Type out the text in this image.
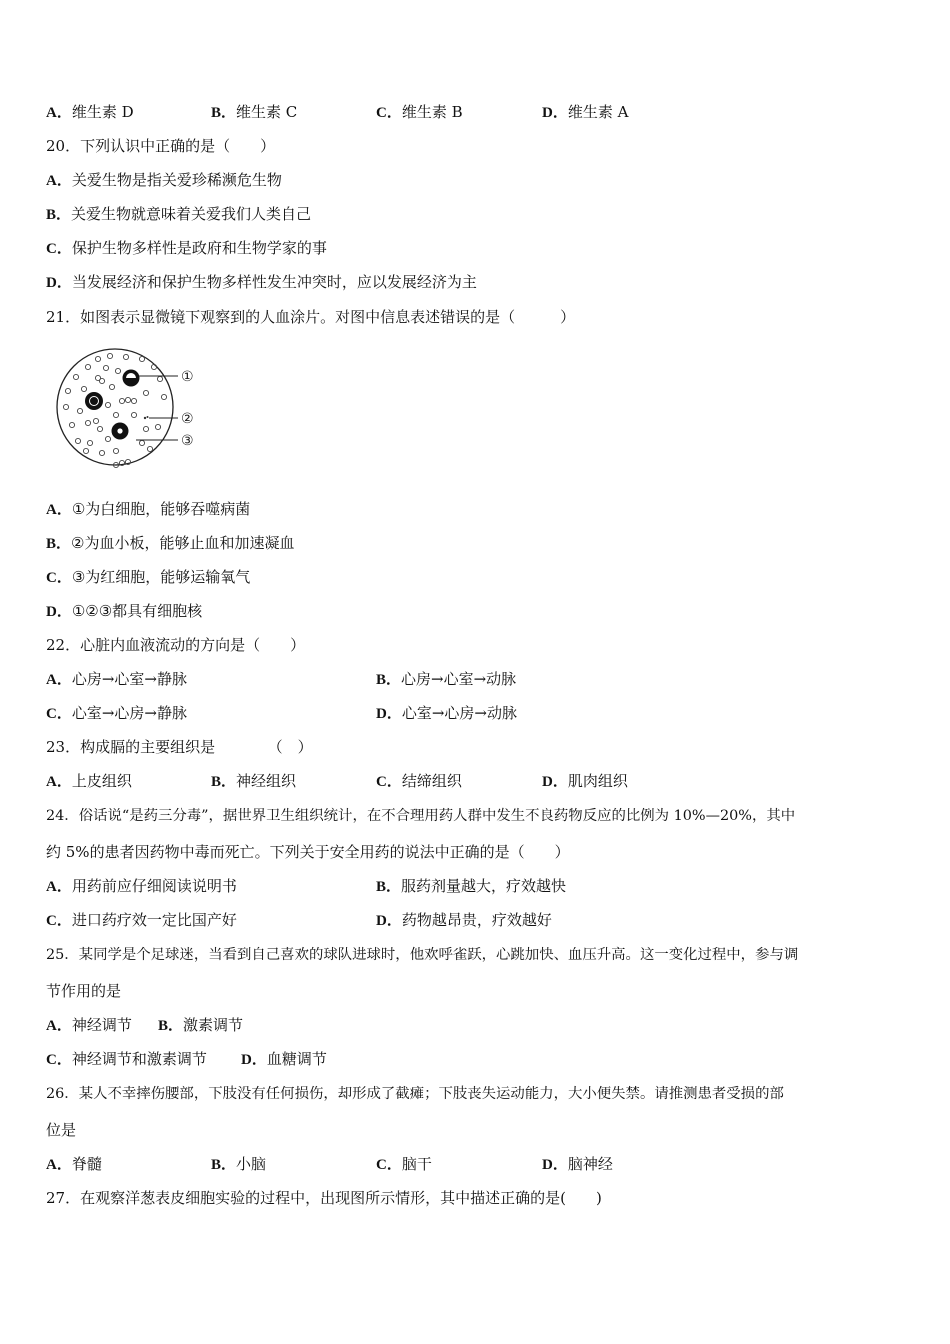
A．维生素 D	B．维生素 C	C．维生素 B	D．维生素 A
20．下列认识中正确的是（　　）
A．关爱生物是指关爱珍稀濒危生物
B．关爱生物就意味着关爱我们人类自己
C．保护生物多样性是政府和生物学家的事
D．当发展经济和保护生物多样性发生冲突时，应以发展经济为主
21．如图表示显微镜下观察到的人血涂片。对图中信息表述错误的是（　　　）
①
②
③
A．①为白细胞，能够吞噬病菌
B．②为血小板，能够止血和加速凝血
C．③为红细胞，能够运输氧气
D．①②③都具有细胞核
22．心脏内血液流动的方向是（　　）
A．心房→心室→静脉	B．心房→心室→动脉
C．心室→心房→静脉	D．心室→心房→动脉
23．构成膈的主要组织是　　　　（　）
A．上皮组织	B．神经组织	C．结缔组织	D．肌肉组织
24．俗话说“是药三分毒”，据世界卫生组织统计，在不合理用药人群中发生不良药物反应的比例为 10%—20%，其中
约 5%的患者因药物中毒而死亡。下列关于安全用药的说法中正确的是（　　）
A．用药前应仔细阅读说明书	B．服药剂量越大，疗效越快
C．进口药疗效一定比国产好	D．药物越昂贵，疗效越好
25．某同学是个足球迷，当看到自己喜欢的球队进球时，他欢呼雀跃，心跳加快、血压升高。这一变化过程中，参与调
节作用的是
A．神经调节 B．激素调节
C．神经调节和激素调节 D．血糖调节
26．某人不幸摔伤腰部，下肢没有任何损伤，却形成了截瘫；下肢丧失运动能力，大小便失禁。请推测患者受损的部
位是
A．脊髓	B．小脑	C．脑干	D．脑神经
27．在观察洋葱表皮细胞实验的过程中，出现图所示情形，其中描述正确的是(　　)
